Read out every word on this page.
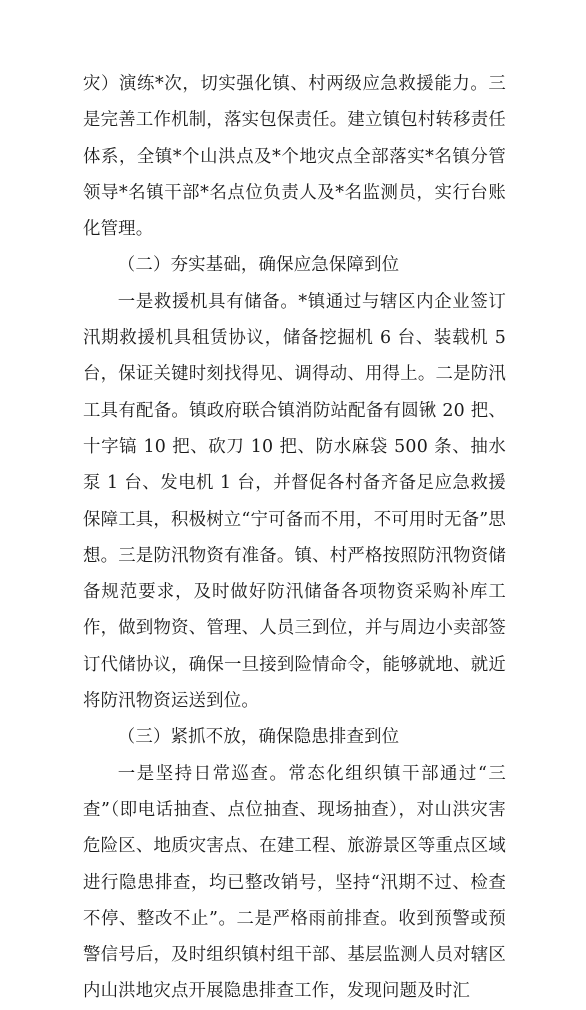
灾）演练*次，切实强化镇、村两级应急救援能力。三是完善工作机制，落实包保责任。建立镇包村转移责任体系，全镇*个山洪点及*个地灾点全部落实*名镇分管领导*名镇干部*名点位负责人及*名监测员，实行台账化管理。

（二）夯实基础，确保应急保障到位

一是救援机具有储备。*镇通过与辖区内企业签订汛期救援机具租赁协议，储备挖掘机 6 台、装载机 5 台，保证关键时刻找得见、调得动、用得上。二是防汛工具有配备。镇政府联合镇消防站配备有圆锹 20 把、十字镐 10 把、砍刀 10 把、防水麻袋 500 条、抽水泵 1 台、发电机 1 台，并督促各村备齐备足应急救援保障工具，积极树立“宁可备而不用，不可用时无备”思想。三是防汛物资有准备。镇、村严格按照防汛物资储备规范要求，及时做好防汛储备各项物资采购补库工作，做到物资、管理、人员三到位，并与周边小卖部签订代储协议，确保一旦接到险情命令，能够就地、就近将防汛物资运送到位。

（三）紧抓不放，确保隐患排查到位

一是坚持日常巡查。常态化组织镇干部通过“三查”（即电话抽查、点位抽查、现场抽查），对山洪灾害危险区、地质灾害点、在建工程、旅游景区等重点区域进行隐患排查，均已整改销号，坚持“汛期不过、检查不停、整改不止”。二是严格雨前排查。收到预警或预警信号后，及时组织镇村组干部、基层监测人员对辖区内山洪地灾点开展隐患排查工作，发现问题及时汇
